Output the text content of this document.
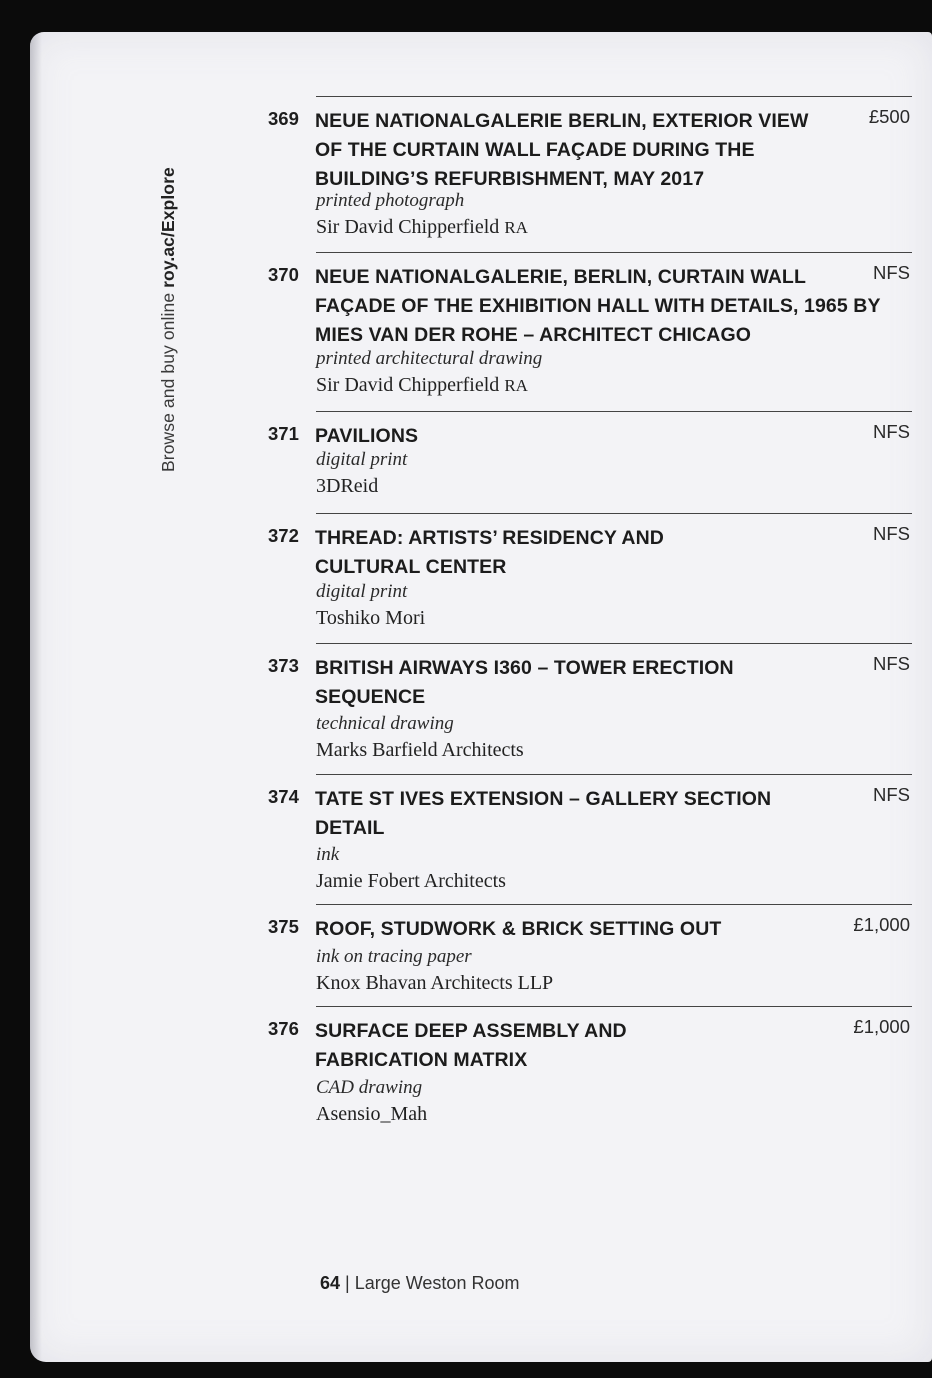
Browse and buy online roy.ac/Explore
369 NEUE NATIONALGALERIE BERLIN, EXTERIOR VIEW OF THE CURTAIN WALL FAÇADE DURING THE BUILDING’S REFURBISHMENT, MAY 2017
£500
printed photograph
Sir David Chipperfield RA
370 NEUE NATIONALGALERIE, BERLIN, CURTAIN WALL FAÇADE OF THE EXHIBITION HALL WITH DETAILS, 1965 BY MIES VAN DER ROHE – ARCHITECT CHICAGO
NFS
printed architectural drawing
Sir David Chipperfield RA
371 PAVILIONS	NFS
digital print
3DReid
372 THREAD: ARTISTS’ RESIDENCY AND CULTURAL CENTER
NFS
digital print
Toshiko Mori
373 BRITISH AIRWAYS I360 – TOWER ERECTION SEQUENCE
NFS
technical drawing
Marks Barfield Architects
374 TATE ST IVES EXTENSION – GALLERY SECTION DETAIL
NFS
ink
Jamie Fobert Architects
375 ROOF, STUDWORK & BRICK SETTING OUT	£1,000
ink on tracing paper
Knox Bhavan Architects LLP
376 SURFACE DEEP ASSEMBLY AND FABRICATION MATRIX
£1,000
CAD drawing
Asensio_Mah
64 | Large Weston Room
